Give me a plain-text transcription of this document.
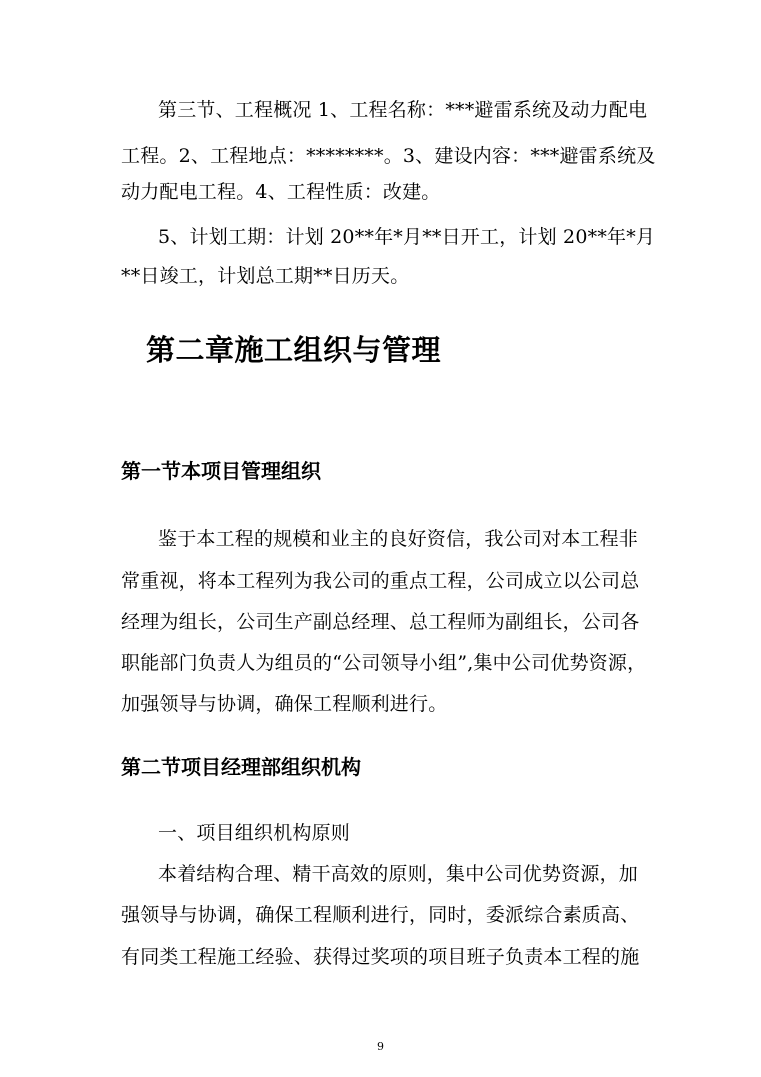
第三节、工程概况 1、工程名称：***避雷系统及动力配电
工程。2、工程地点：********。3、建设内容：***避雷系统及
动力配电工程。4、工程性质：改建。
5、计划工期：计划 20**年*月**日开工，计划 20**年*月
**日竣工，计划总工期**日历天。
第二章施工组织与管理
第一节本项目管理组织
鉴于本工程的规模和业主的良好资信，我公司对本工程非
常重视，将本工程列为我公司的重点工程，公司成立以公司总
经理为组长，公司生产副总经理、总工程师为副组长，公司各
职能部门负责人为组员的“公司领导小组”,集中公司优势资源，
加强领导与协调，确保工程顺利进行。
第二节项目经理部组织机构
一、项目组织机构原则
本着结构合理、精干高效的原则，集中公司优势资源，加
强领导与协调，确保工程顺利进行，同时，委派综合素质高、
有同类工程施工经验、获得过奖项的项目班子负责本工程的施
9
